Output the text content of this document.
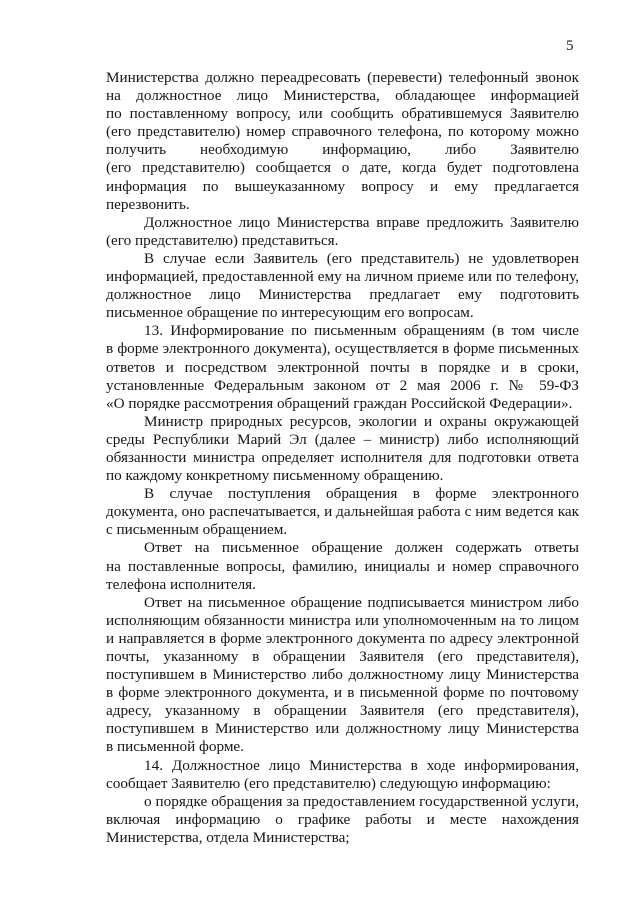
5

Министерства должно переадресовать (перевести) телефонный звонок

на должностное лицо Министерства, обладающее информацией

по поставленному вопросу, или сообщить обратившемуся Заявителю

(его представителю) номер справочного телефона, по которому можно

получить необходимую информацию, либо Заявителю

(его представителю) сообщается о дате, когда будет подготовлена

информация по вышеуказанному вопросу и ему предлагается

перезвонить.

Должностное лицо Министерства вправе предложить Заявителю

(его представителю) представиться.

В случае если Заявитель (его представитель) не удовлетворен

информацией, предоставленной ему на личном приеме или по телефону,

должностное лицо Министерства предлагает ему подготовить

письменное обращение по интересующим его вопросам.

13. Информирование по письменным обращениям (в том числе

в форме электронного документа), осуществляется в форме письменных

ответов и посредством электронной почты в порядке и в сроки,

установленные Федеральным законом от 2 мая 2006 г. № 59-ФЗ

«О порядке рассмотрения обращений граждан Российской Федерации».

Министр природных ресурсов, экологии и охраны окружающей

среды Республики Марий Эл (далее – министр) либо исполняющий

обязанности министра определяет исполнителя для подготовки ответа

по каждому конкретному письменному обращению.

В случае поступления обращения в форме электронного

документа, оно распечатывается, и дальнейшая работа с ним ведется как

с письменным обращением.

Ответ на письменное обращение должен содержать ответы

на поставленные вопросы, фамилию, инициалы и номер справочного

телефона исполнителя.

Ответ на письменное обращение подписывается министром либо

исполняющим обязанности министра или уполномоченным на то лицом

и направляется в форме электронного документа по адресу электронной

почты, указанному в обращении Заявителя (его представителя),

поступившем в Министерство либо должностному лицу Министерства

в форме электронного документа, и в письменной форме по почтовому

адресу, указанному в обращении Заявителя (его представителя),

поступившем в Министерство или должностному лицу Министерства

в письменной форме.

14. Должностное лицо Министерства в ходе информирования,

сообщает Заявителю (его представителю) следующую информацию:

о порядке обращения за предоставлением государственной услуги,

включая информацию о графике работы и месте нахождения

Министерства, отдела Министерства;
